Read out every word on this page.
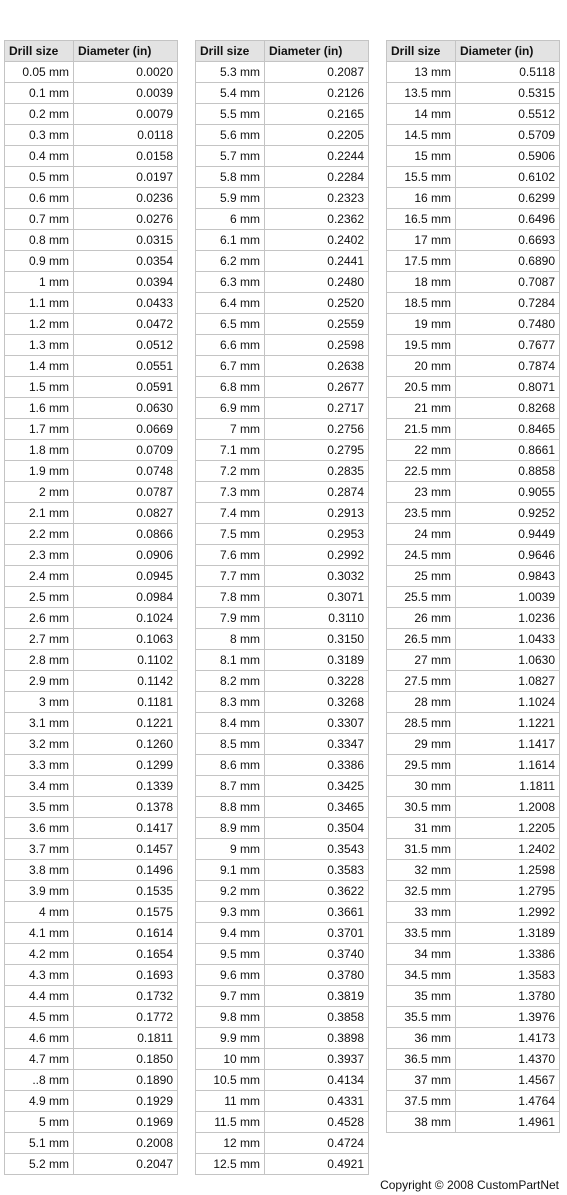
Drill size	Diameter (in)
0.05 mm	0.0020
0.1 mm	0.0039
0.2 mm	0.0079
0.3 mm	0.0118
0.4 mm	0.0158
0.5 mm	0.0197
0.6 mm	0.0236
0.7 mm	0.0276
0.8 mm	0.0315
0.9 mm	0.0354
1 mm	0.0394
1.1 mm	0.0433
1.2 mm	0.0472
1.3 mm	0.0512
1.4 mm	0.0551
1.5 mm	0.0591
1.6 mm	0.0630
1.7 mm	0.0669
1.8 mm	0.0709
1.9 mm	0.0748
2 mm	0.0787
2.1 mm	0.0827
2.2 mm	0.0866
2.3 mm	0.0906
2.4 mm	0.0945
2.5 mm	0.0984
2.6 mm	0.1024
2.7 mm	0.1063
2.8 mm	0.1102
2.9 mm	0.1142
3 mm	0.1181
3.1 mm	0.1221
3.2 mm	0.1260
3.3 mm	0.1299
3.4 mm	0.1339
3.5 mm	0.1378
3.6 mm	0.1417
3.7 mm	0.1457
3.8 mm	0.1496
3.9 mm	0.1535
4 mm	0.1575
4.1 mm	0.1614
4.2 mm	0.1654
4.3 mm	0.1693
4.4 mm	0.1732
4.5 mm	0.1772
4.6 mm	0.1811
4.7 mm	0.1850
..8 mm	0.1890
4.9 mm	0.1929
5 mm	0.1969
5.1 mm	0.2008
5.2 mm	0.2047
Drill size	Diameter (in)
5.3 mm	0.2087
5.4 mm	0.2126
5.5 mm	0.2165
5.6 mm	0.2205
5.7 mm	0.2244
5.8 mm	0.2284
5.9 mm	0.2323
6 mm	0.2362
6.1 mm	0.2402
6.2 mm	0.2441
6.3 mm	0.2480
6.4 mm	0.2520
6.5 mm	0.2559
6.6 mm	0.2598
6.7 mm	0.2638
6.8 mm	0.2677
6.9 mm	0.2717
7 mm	0.2756
7.1 mm	0.2795
7.2 mm	0.2835
7.3 mm	0.2874
7.4 mm	0.2913
7.5 mm	0.2953
7.6 mm	0.2992
7.7 mm	0.3032
7.8 mm	0.3071
7.9 mm	0.3110
8 mm	0.3150
8.1 mm	0.3189
8.2 mm	0.3228
8.3 mm	0.3268
8.4 mm	0.3307
8.5 mm	0.3347
8.6 mm	0.3386
8.7 mm	0.3425
8.8 mm	0.3465
8.9 mm	0.3504
9 mm	0.3543
9.1 mm	0.3583
9.2 mm	0.3622
9.3 mm	0.3661
9.4 mm	0.3701
9.5 mm	0.3740
9.6 mm	0.3780
9.7 mm	0.3819
9.8 mm	0.3858
9.9 mm	0.3898
10 mm	0.3937
10.5 mm	0.4134
11 mm	0.4331
11.5 mm	0.4528
12 mm	0.4724
12.5 mm	0.4921
Drill size	Diameter (in)
13 mm	0.5118
13.5 mm	0.5315
14 mm	0.5512
14.5 mm	0.5709
15 mm	0.5906
15.5 mm	0.6102
16 mm	0.6299
16.5 mm	0.6496
17 mm	0.6693
17.5 mm	0.6890
18 mm	0.7087
18.5 mm	0.7284
19 mm	0.7480
19.5 mm	0.7677
20 mm	0.7874
20.5 mm	0.8071
21 mm	0.8268
21.5 mm	0.8465
22 mm	0.8661
22.5 mm	0.8858
23 mm	0.9055
23.5 mm	0.9252
24 mm	0.9449
24.5 mm	0.9646
25 mm	0.9843
25.5 mm	1.0039
26 mm	1.0236
26.5 mm	1.0433
27 mm	1.0630
27.5 mm	1.0827
28 mm	1.1024
28.5 mm	1.1221
29 mm	1.1417
29.5 mm	1.1614
30 mm	1.1811
30.5 mm	1.2008
31 mm	1.2205
31.5 mm	1.2402
32 mm	1.2598
32.5 mm	1.2795
33 mm	1.2992
33.5 mm	1.3189
34 mm	1.3386
34.5 mm	1.3583
35 mm	1.3780
35.5 mm	1.3976
36 mm	1.4173
36.5 mm	1.4370
37 mm	1.4567
37.5 mm	1.4764
38 mm	1.4961
Copyright © 2008 CustomPartNet
